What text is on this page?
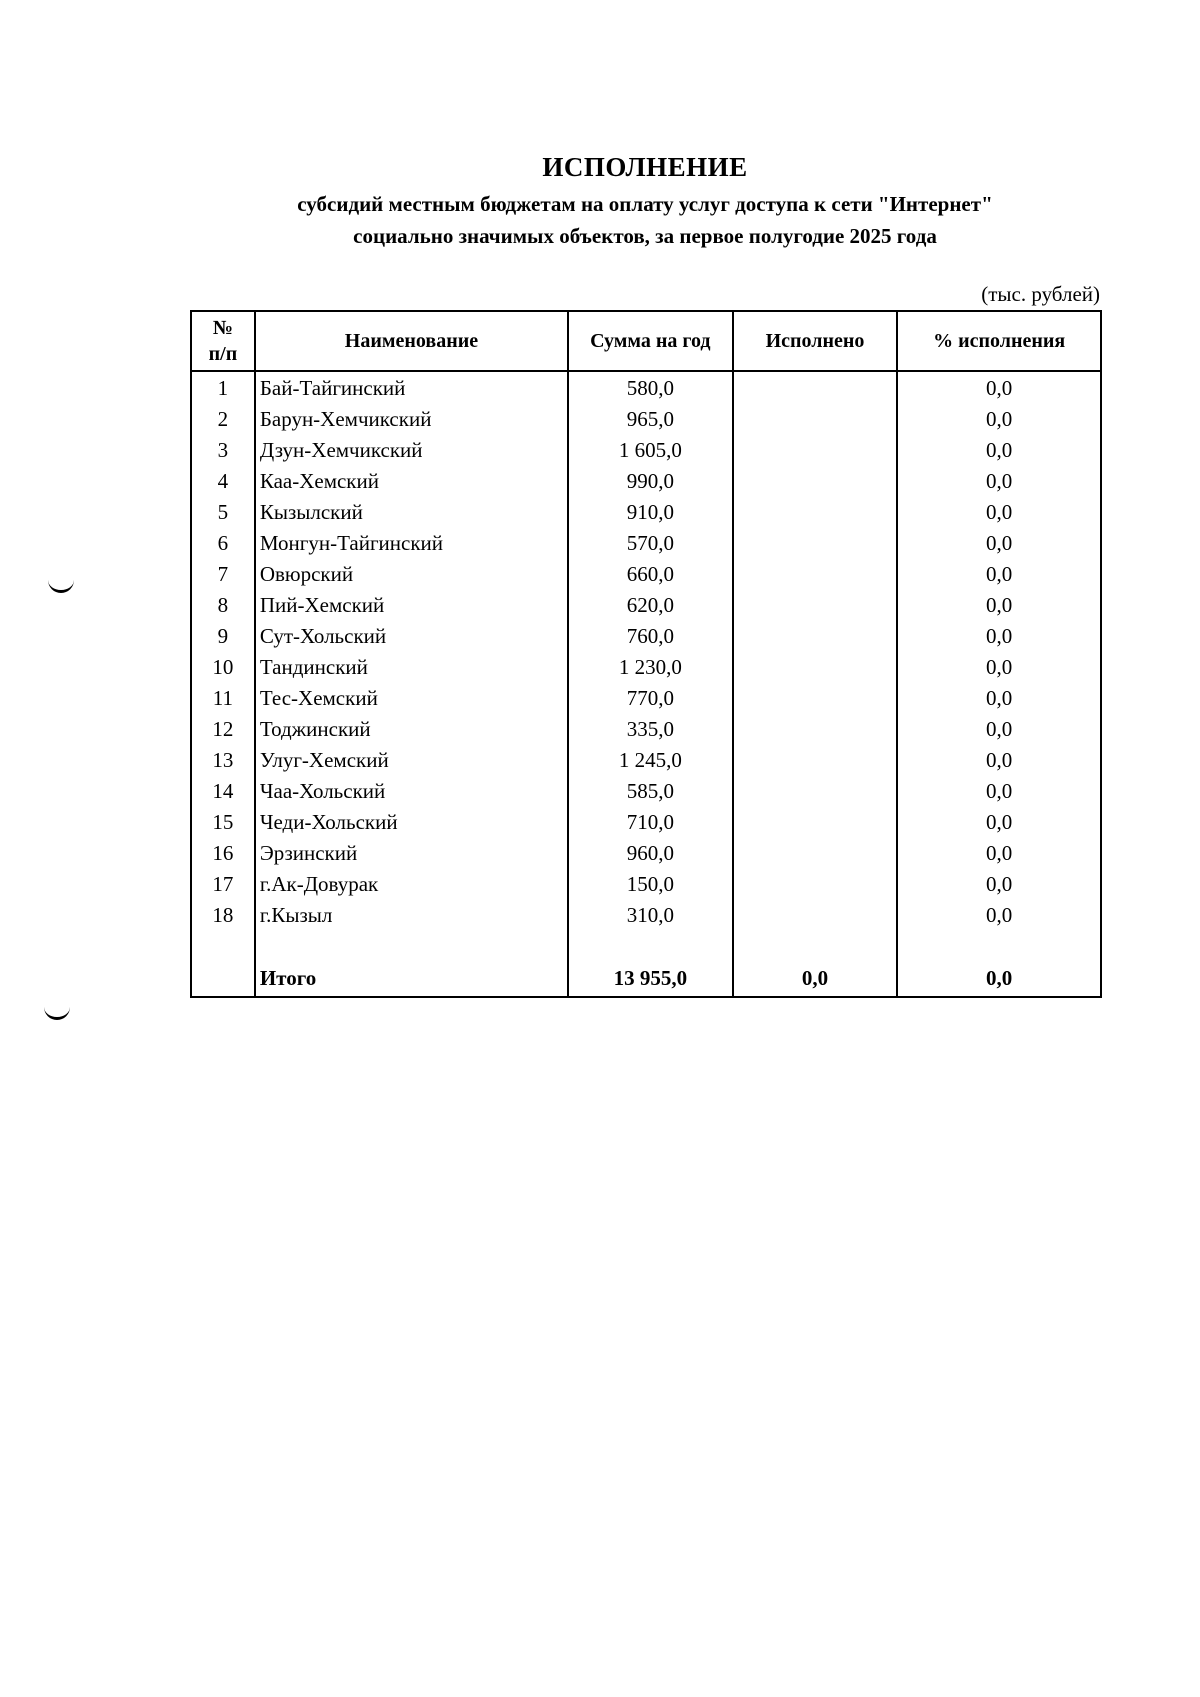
ИСПОЛНЕНИЕ

субсидий местным бюджетам на оплату услуг доступа к сети "Интернет"

социально значимых объектов, за первое полугодие 2025 года

(тыс. рублей)
№
п/п	Наименование	Сумма на год	Исполнено	% исполнения
1	Бай-Тайгинский	580,0		0,0
2	Барун-Хемчикский	965,0		0,0
3	Дзун-Хемчикский	1 605,0		0,0
4	Каа-Хемский	990,0		0,0
5	Кызылский	910,0		0,0
6	Монгун-Тайгинский	570,0		0,0
7	Овюрский	660,0		0,0
8	Пий-Хемский	620,0		0,0
9	Сут-Хольский	760,0		0,0
10	Тандинский	1 230,0		0,0
11	Тес-Хемский	770,0		0,0
12	Тоджинский	335,0		0,0
13	Улуг-Хемский	1 245,0		0,0
14	Чаа-Хольский	585,0		0,0
15	Чеди-Хольский	710,0		0,0
16	Эрзинский	960,0		0,0
17	г.Ак-Довурак	150,0		0,0
18	г.Кызыл	310,0		0,0

	Итого	13 955,0	0,0	0,0
